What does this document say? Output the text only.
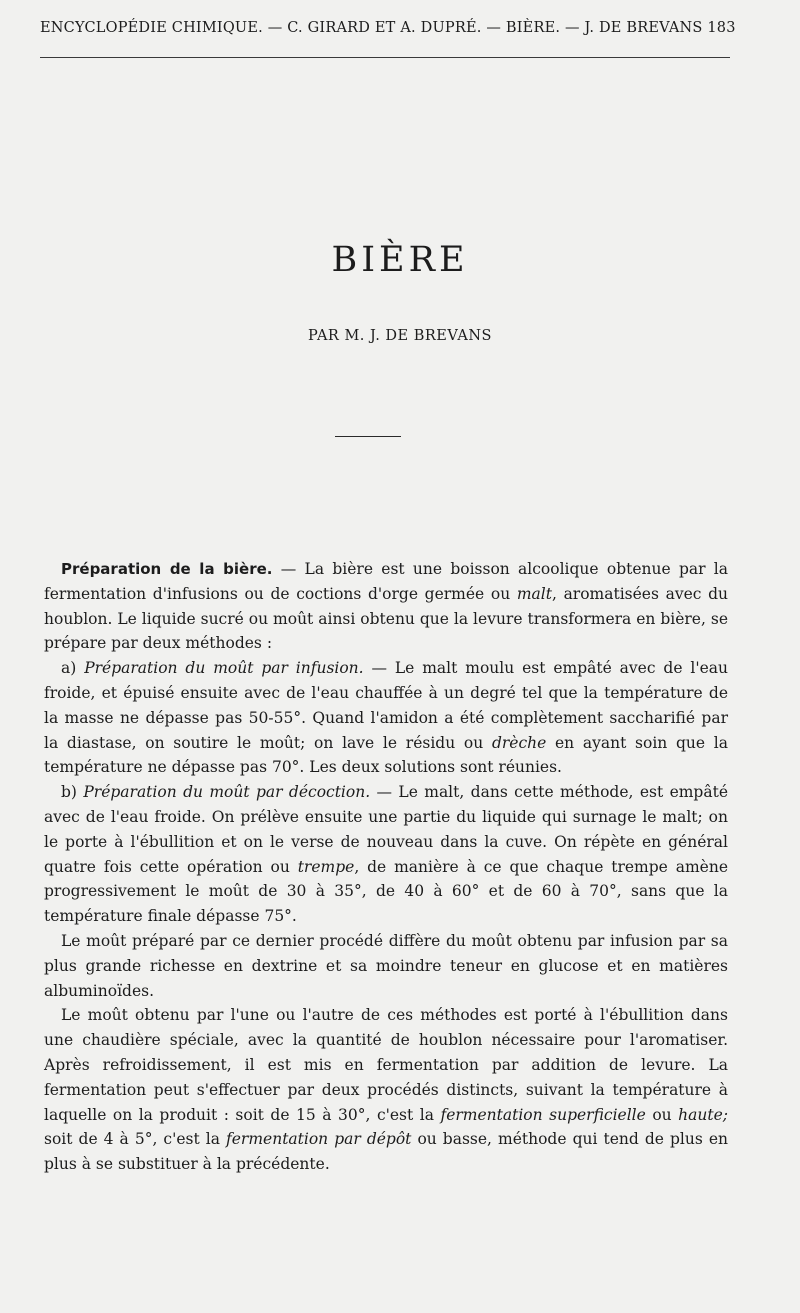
ENCYCLOPÉDIE CHIMIQUE. — C. GIRARD ET A. DUPRÉ. — BIÈRE. — J. DE BREVANS 183
BIÈRE
PAR M. J. DE BREVANS

Préparation de la bière. — La bière est une boisson alcoolique obtenue par la fermentation d'infusions ou de coctions d'orge germée ou malt, aromatisées avec du houblon. Le liquide sucré ou moût ainsi obtenu que la levure transformera en bière, se prépare par deux méthodes :

a) Préparation du moût par infusion. — Le malt moulu est empâté avec de l'eau froide, et épuisé ensuite avec de l'eau chauffée à un degré tel que la température de la masse ne dépasse pas 50-55°. Quand l'amidon a été complètement saccharifié par la diastase, on soutire le moût; on lave le résidu ou drèche en ayant soin que la température ne dépasse pas 70°. Les deux solutions sont réunies.

b) Préparation du moût par décoction. — Le malt, dans cette méthode, est empâté avec de l'eau froide. On prélève ensuite une partie du liquide qui surnage le malt; on le porte à l'ébullition et on le verse de nouveau dans la cuve. On répète en général quatre fois cette opération ou trempe, de manière à ce que chaque trempe amène progressivement le moût de 30 à 35°, de 40 à 60° et de 60 à 70°, sans que la température finale dépasse 75°.

Le moût préparé par ce dernier procédé diffère du moût obtenu par infusion par sa plus grande richesse en dextrine et sa moindre teneur en glucose et en matières albuminoïdes.

Le moût obtenu par l'une ou l'autre de ces méthodes est porté à l'ébullition dans une chaudière spéciale, avec la quantité de houblon nécessaire pour l'aromatiser. Après refroidissement, il est mis en fermentation par addition de levure. La fermentation peut s'effectuer par deux procédés distincts, suivant la température à laquelle on la produit : soit de 15 à 30°, c'est la fermentation superficielle ou haute; soit de 4 à 5°, c'est la fermentation par dépôt ou basse, méthode qui tend de plus en plus à se substituer à la précédente.
